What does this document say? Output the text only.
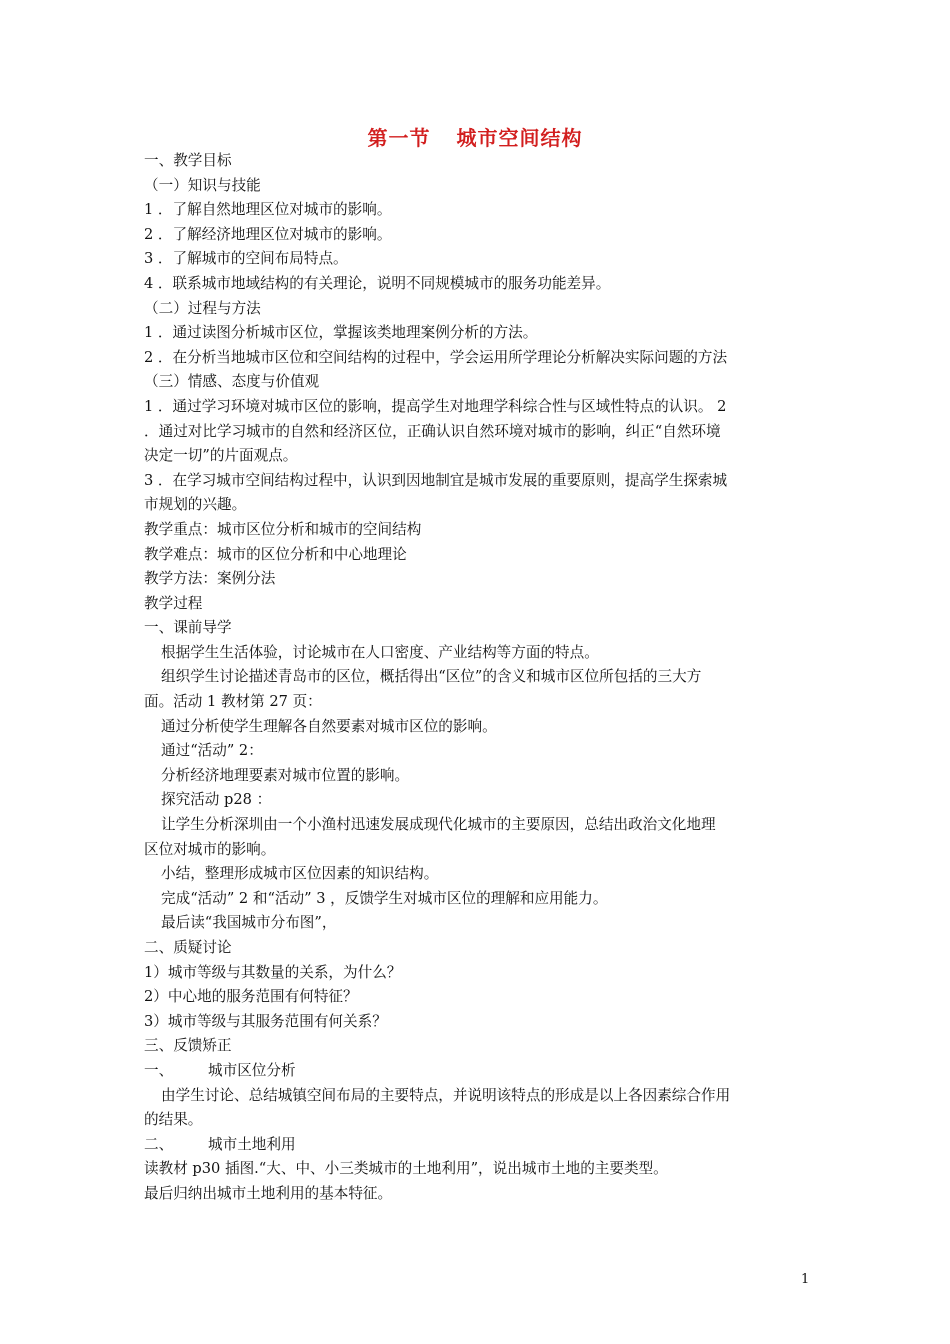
第一节 城市空间结构

一、教学目标

（一）知识与技能

1 ．了解自然地理区位对城市的影响。

2 ．了解经济地理区位对城市的影响。

3 ．了解城市的空间布局特点。

4 ．联系城市地域结构的有关理论，说明不同规模城市的服务功能差异。

（二）过程与方法

1 ．通过读图分析城市区位，掌握该类地理案例分析的方法。

2 ．在分析当地城市区位和空间结构的过程中，学会运用所学理论分析解决实际问题的方法

（三）情感、态度与价值观

1 ．通过学习环境对城市区位的影响，提高学生对地理学科综合性与区域性特点的认识。 2

．通过对比学习城市的自然和经济区位，正确认识自然环境对城市的影响，纠正“自然环境

决定一切”的片面观点。

3 ．在学习城市空间结构过程中，认识到因地制宜是城市发展的重要原则，提高学生探索城

市规划的兴趣。

教学重点：城市区位分析和城市的空间结构

教学难点：城市的区位分析和中心地理论

教学方法：案例分法

教学过程

一、课前导学

根据学生生活体验，讨论城市在人口密度、产业结构等方面的特点。

组织学生讨论描述青岛市的区位，概括得出“区位”的含义和城市区位所包括的三大方

面。活动 1 教材第 27 页：

通过分析使学生理解各自然要素对城市区位的影响。

通过“活动” 2：

分析经济地理要素对城市位置的影响。

探究活动 p28 ：

让学生分析深圳由一个小渔村迅速发展成现代化城市的主要原因，总结出政治文化地理

区位对城市的影响。

小结，整理形成城市区位因素的知识结构。

完成“活动” 2 和“活动” 3 ，反馈学生对城市区位的理解和应用能力。

最后读“我国城市分布图”，

二、质疑讨论

1）城市等级与其数量的关系，为什么？

2）中心地的服务范围有何特征？

3）城市等级与其服务范围有何关系？

三、反馈矫正

一、 城市区位分析

由学生讨论、总结城镇空间布局的主要特点，并说明该特点的形成是以上各因素综合作用

的结果。

二、 城市土地利用

读教材 p30 插图.“大、中、小三类城市的土地利用”，说出城市土地的主要类型。

最后归纳出城市土地利用的基本特征。

1
